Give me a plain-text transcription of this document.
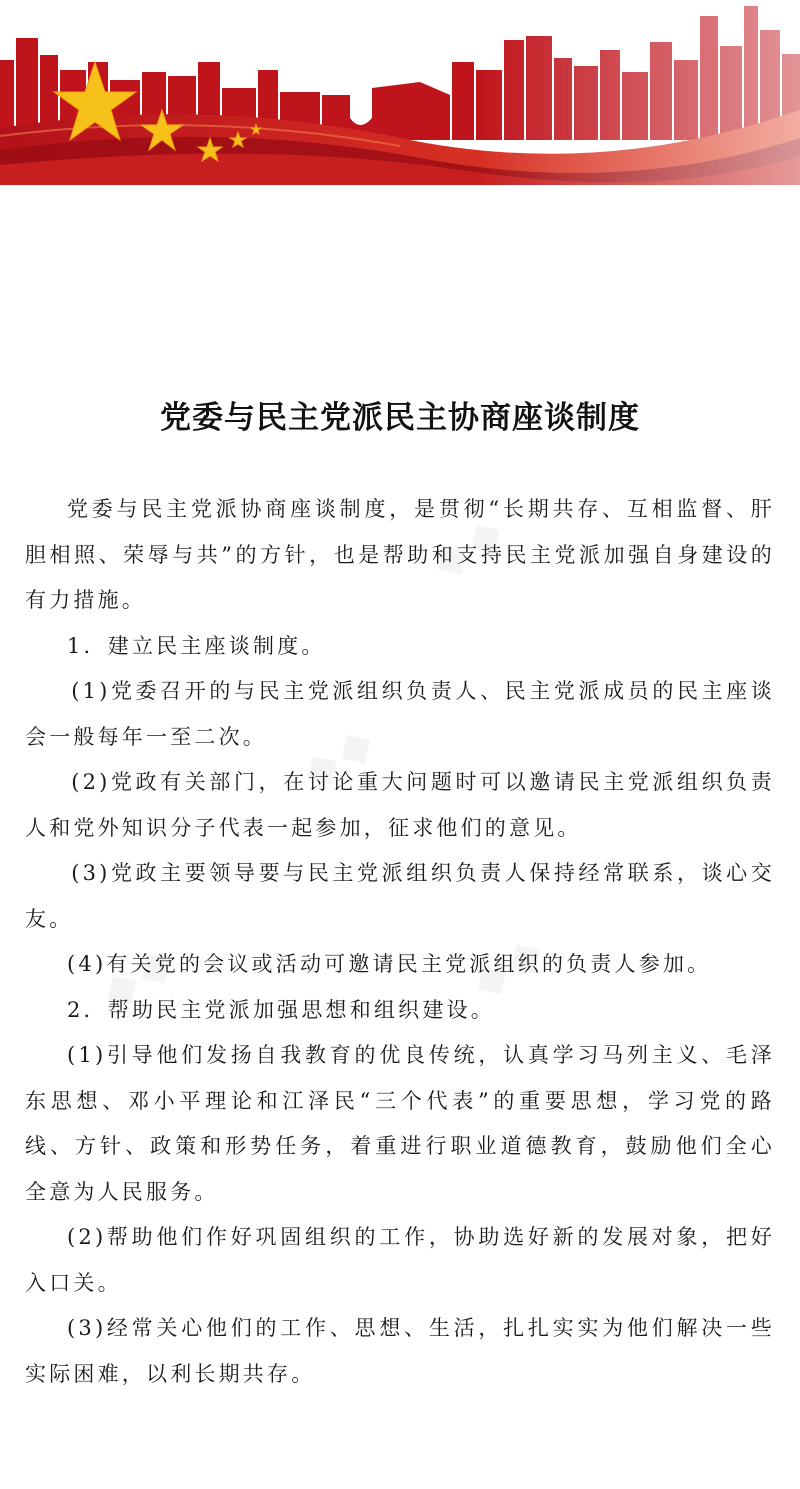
◆◆
◆◆
◆◆	◆◆
党委与民主党派民主协商座谈制度

党委与民主党派协商座谈制度，是贯彻“长期共存、互相监督、肝胆相照、荣辱与共”的方针，也是帮助和支持民主党派加强自身建设的有力措施。

1．建立民主座谈制度。

(1)党委召开的与民主党派组织负责人、民主党派成员的民主座谈会一般每年一至二次。

(2)党政有关部门，在讨论重大问题时可以邀请民主党派组织负责人和党外知识分子代表一起参加，征求他们的意见。

(3)党政主要领导要与民主党派组织负责人保持经常联系，谈心交友。

(4)有关党的会议或活动可邀请民主党派组织的负责人参加。

2．帮助民主党派加强思想和组织建设。

(1)引导他们发扬自我教育的优良传统，认真学习马列主义、毛泽东思想、邓小平理论和江泽民“三个代表”的重要思想，学习党的路线、方针、政策和形势任务，着重进行职业道德教育，鼓励他们全心全意为人民服务。

(2)帮助他们作好巩固组织的工作，协助选好新的发展对象，把好入口关。

(3)经常关心他们的工作、思想、生活，扎扎实实为他们解决一些实际困难，以利长期共存。
